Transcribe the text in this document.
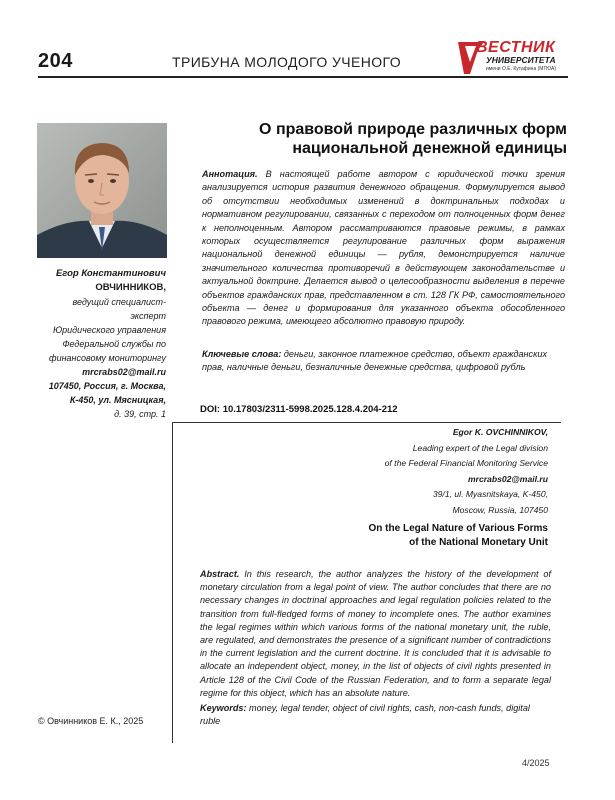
204	ТРИБУНА МОЛОДОГО УЧЕНОГО
ВЕСТНИК
УНИВЕРСИТЕТА
имени О.Е. Кутафина (МГЮА)
О правовой природе различных форм
национальной денежной единицы
Егор Константинович
ОВЧИННИКОВ,
ведущий специалист-
эксперт
Юридического управления
Федеральной службы по
финансовому мониторингу
mrcrabs02@mail.ru
107450, Россия, г. Москва,
К-450, ул. Мясницкая,
д. 39, стр. 1
Аннотация. В настоящей работе автором с юридической точки зрения анализируется история развития денежного обращения. Формулируется вывод об отсутствии необходимых изменений в доктринальных подходах и нормативном регулировании, связанных с переходом от полноценных форм денег к неполноценным. Автором рассматриваются правовые режимы, в рамках которых осуществляется регулирование различных форм выражения национальной денежной единицы — рубля, демонстрируется наличие значительного количества противоречий в действующем законодательстве и актуальной доктрине. Делается вывод о целесообразности выделения в перечне объектов гражданских прав, представленном в ст. 128 ГК РФ, самостоятельного объекта — денег и формирования для указанного объекта обособленного правового режима, имеющего абсолютно правовую природу.
Ключевые слова: деньги, законное платежное средство, объект гражданских прав, наличные деньги, безналичные денежные средства, цифровой рубль
DOI: 10.17803/2311-5998.2025.128.4.204-212
Egor K. OVCHINNIKOV,
Leading expert of the Legal division
of the Federal Financial Monitoring Service
mrcrabs02@mail.ru
39/1, ul. Myasnitskaya, K-450,
Moscow, Russia, 107450
On the Legal Nature of Various Forms
of the National Monetary Unit
Abstract. In this research, the author analyzes the history of the development of monetary circulation from a legal point of view. The author concludes that there are no necessary changes in doctrinal approaches and legal regulation policies related to the transition from full-fledged forms of money to incomplete ones. The author examines the legal regimes within which various forms of the national monetary unit, the ruble, are regulated, and demonstrates the presence of a significant number of contradictions in the current legislation and the current doctrine. It is concluded that it is advisable to allocate an independent object, money, in the list of objects of civil rights presented in Article 128 of the Civil Code of the Russian Federation, and to form a separate legal regime for this object, which has an absolute nature.
Keywords: money, legal tender, object of civil rights, cash, non-cash funds, digital ruble
© Овчинников Е. К., 2025
4/2025
